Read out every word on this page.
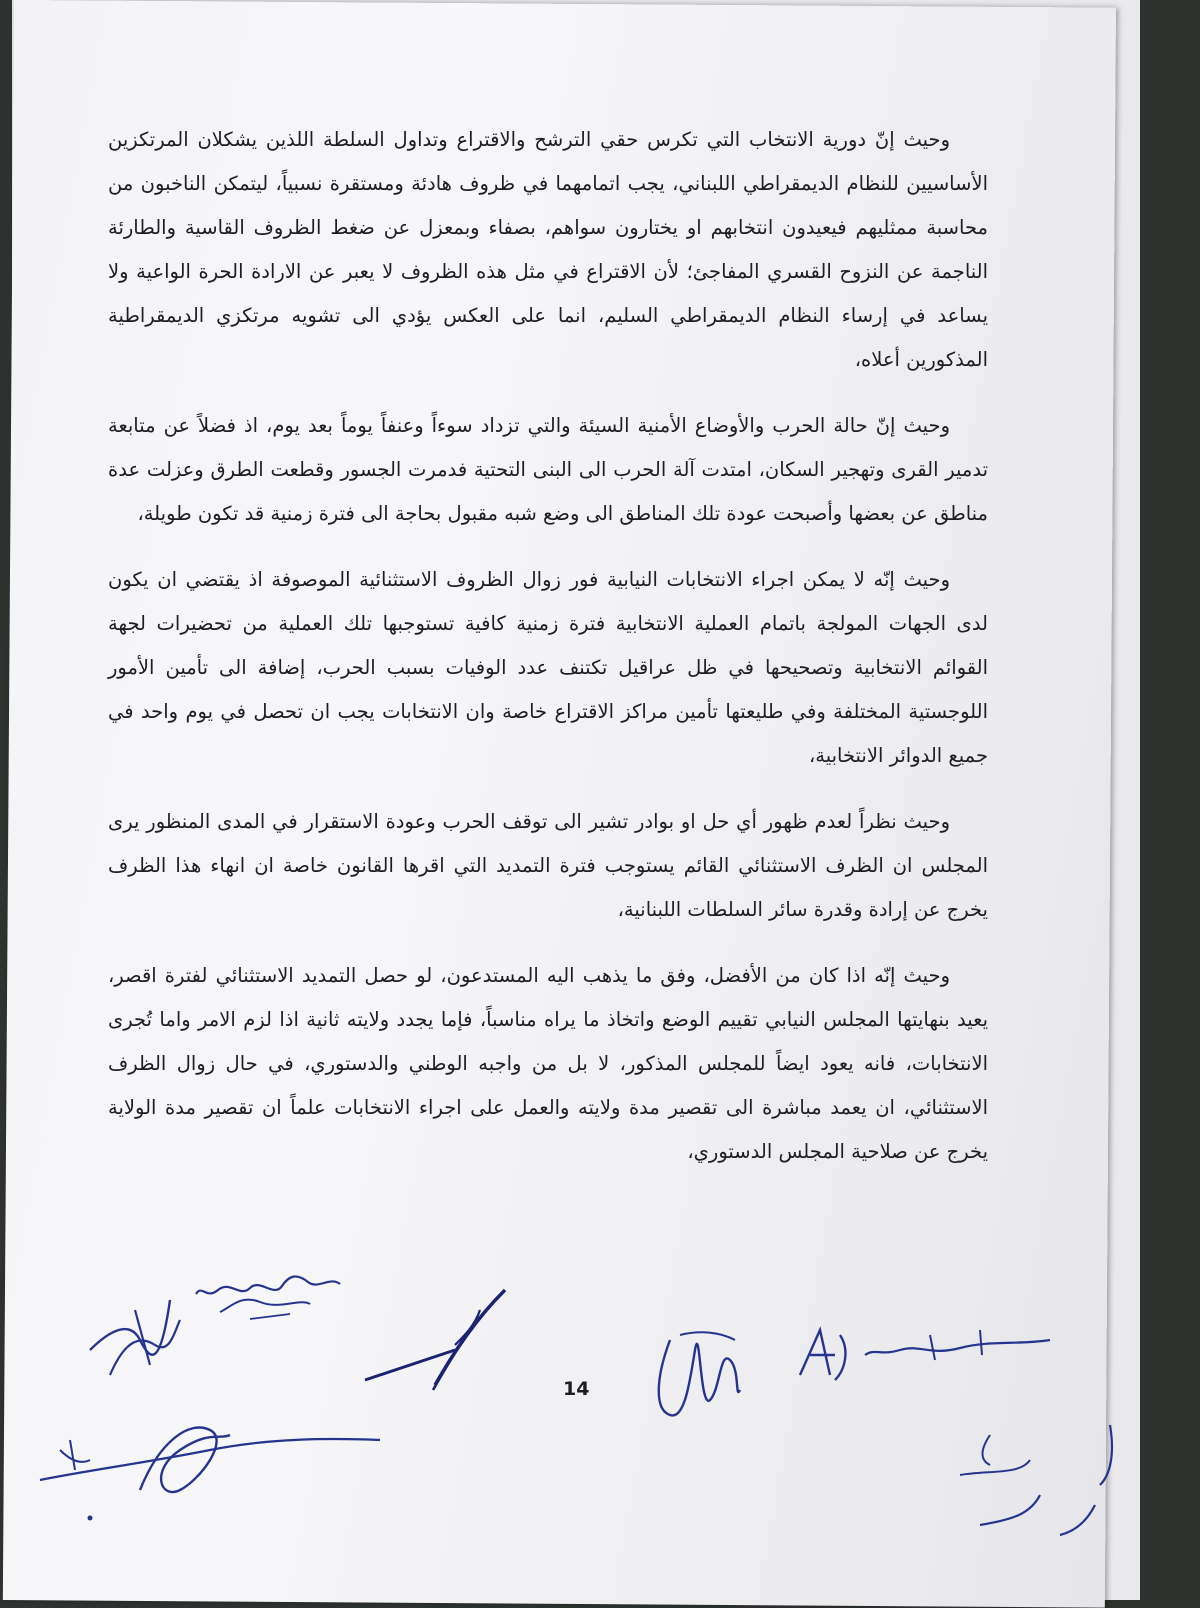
وحيث إنّ دورية الانتخاب التي تكرس حقي الترشح والاقتراع وتداول السلطة اللذين يشكلان المرتكزين الأساسيين للنظام الديمقراطي اللبناني، يجب اتمامهما في ظروف هادئة ومستقرة نسبياً، ليتمكن الناخبون من محاسبة ممثليهم فيعيدون انتخابهم او يختارون سواهم، بصفاء وبمعزل عن ضغط الظروف القاسية والطارئة الناجمة عن النزوح القسري المفاجئ؛ لأن الاقتراع في مثل هذه الظروف لا يعبر عن الارادة الحرة الواعية ولا يساعد في إرساء النظام الديمقراطي السليم، انما على العكس يؤدي الى تشويه مرتكزي الديمقراطية المذكورين أعلاه،

وحيث إنّ حالة الحرب والأوضاع الأمنية السيئة والتي تزداد سوءاً وعنفاً يوماً بعد يوم، اذ فضلاً عن متابعة تدمير القرى وتهجير السكان، امتدت آلة الحرب الى البنى التحتية فدمرت الجسور وقطعت الطرق وعزلت عدة مناطق عن بعضها وأصبحت عودة تلك المناطق الى وضع شبه مقبول بحاجة الى فترة زمنية قد تكون طويلة،

وحيث إنّه لا يمكن اجراء الانتخابات النيابية فور زوال الظروف الاستثنائية الموصوفة اذ يقتضي ان يكون لدى الجهات المولجة باتمام العملية الانتخابية فترة زمنية كافية تستوجبها تلك العملية من تحضيرات لجهة القوائم الانتخابية وتصحيحها في ظل عراقيل تكتنف عدد الوفيات بسبب الحرب، إضافة الى تأمين الأمور اللوجستية المختلفة وفي طليعتها تأمين مراكز الاقتراع خاصة وان الانتخابات يجب ان تحصل في يوم واحد في جميع الدوائر الانتخابية،

وحيث نظراً لعدم ظهور أي حل او بوادر تشير الى توقف الحرب وعودة الاستقرار في المدى المنظور يرى المجلس ان الظرف الاستثنائي القائم يستوجب فترة التمديد التي اقرها القانون خاصة ان انهاء هذا الظرف يخرج عن إرادة وقدرة سائر السلطات اللبنانية،

وحيث إنّه اذا كان من الأفضل، وفق ما يذهب اليه المستدعون، لو حصل التمديد الاستثنائي لفترة اقصر، يعيد بنهايتها المجلس النيابي تقييم الوضع واتخاذ ما يراه مناسباً، فإما يجدد ولايته ثانية اذا لزم الامر واما تُجرى الانتخابات، فانه يعود ايضاً للمجلس المذكور، لا بل من واجبه الوطني والدستوري، في حال زوال الظرف الاستثنائي، ان يعمد مباشرة الى تقصير مدة ولايته والعمل على اجراء الانتخابات علماً ان تقصير مدة الولاية يخرج عن صلاحية المجلس الدستوري،

14
